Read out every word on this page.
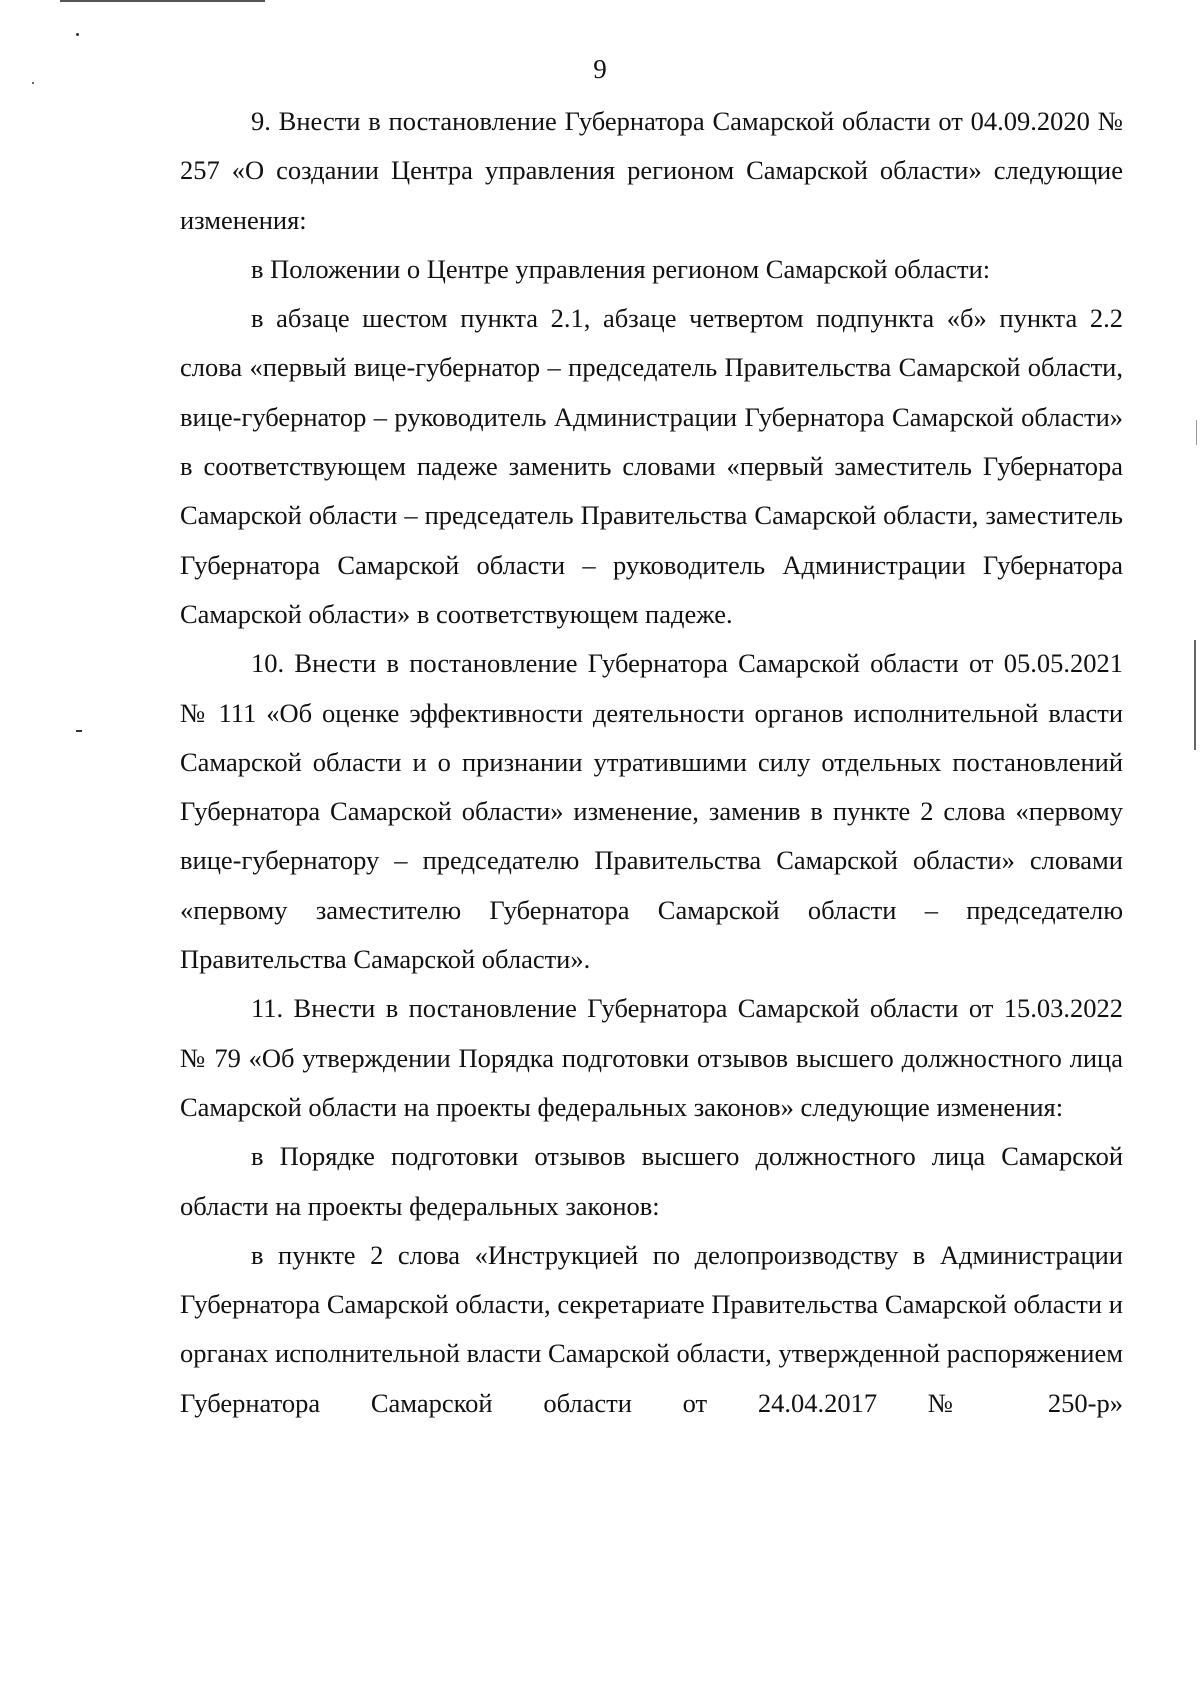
9

9. Внести в постановление Губернатора Самарской области от 04.09.2020 № 257 «О создании Центра управления регионом Самарской области» следующие изменения:

в Положении о Центре управления регионом Самарской области:

в абзаце шестом пункта 2.1, абзаце четвертом подпункта «б» пункта 2.2 слова «первый вице-губернатор – председатель Правительства Самарской области, вице-губернатор – руководитель Администрации Губернатора Самарской области» в соответствующем падеже заменить словами «первый заместитель Губернатора Самарской области – председатель Правительства Самарской области, заместитель Губернатора Самарской области – руководитель Администрации Губернатора Самарской области» в соответствующем падеже.

10. Внести в постановление Губернатора Самарской области от 05.05.2021 № 111 «Об оценке эффективности деятельности органов исполнительной власти Самарской области и о признании утратившими силу отдельных постановлений Губернатора Самарской области» изменение, заменив в пункте 2 слова «первому вице-губернатору – председателю Правительства Самарской области» словами «первому заместителю Губернатора Самарской области – председателю Правительства Самарской области».

11. Внести в постановление Губернатора Самарской области от 15.03.2022 № 79 «Об утверждении Порядка подготовки отзывов высшего должностного лица Самарской области на проекты федеральных законов» следующие изменения:

в Порядке подготовки отзывов высшего должностного лица Самарской области на проекты федеральных законов:

в пункте 2 слова «Инструкцией по делопроизводству в Администрации Губернатора Самарской области, секретариате Правительства Самарской области и органах исполнительной власти Самарской области, утвержденной распоряжением Губернатора Самарской области от 24.04.2017 № 250-р»
